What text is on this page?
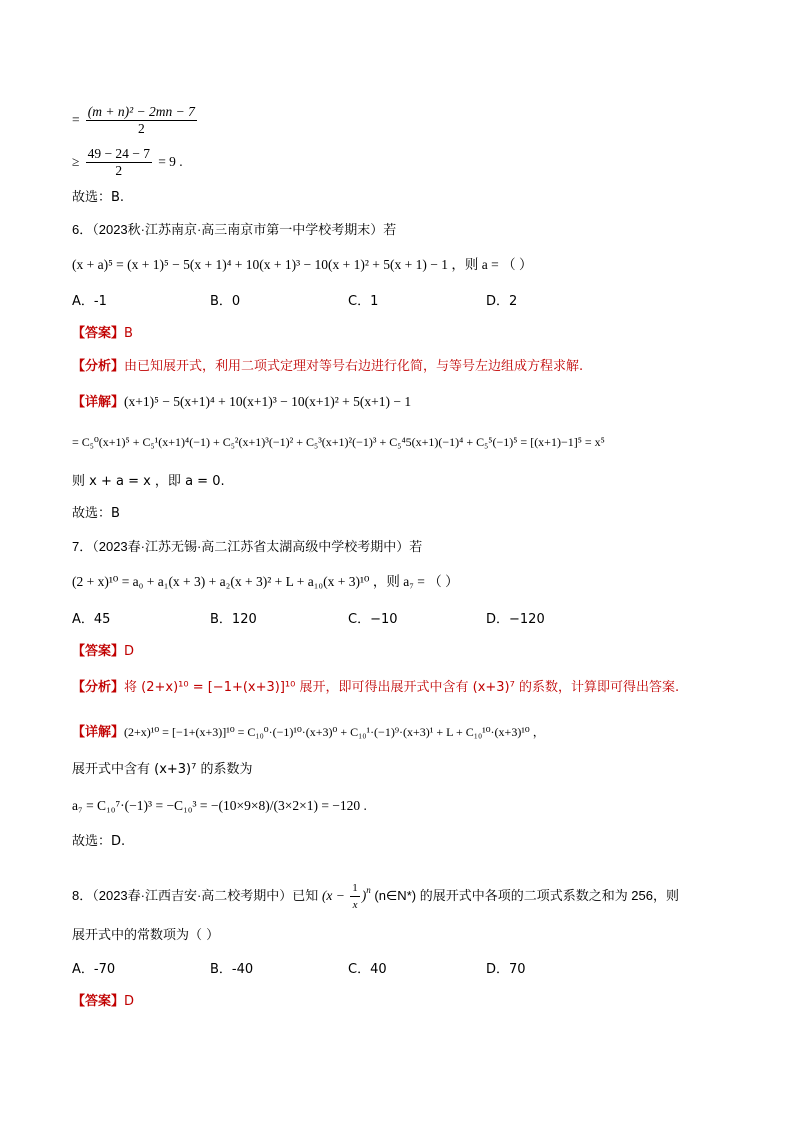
= $\frac{\text{(m + n)² − 2mn − 7}}{2}$
≥ $\frac{49 - 24 - 7}{2} = 9$ .
故选：B.
6．（2023秋·江苏南京·高三南京市第一中学校考期末）若
(x + a)⁵ = (x + 1)⁵ − 5(x + 1)⁴ + 10(x + 1)³ − 10(x + 1)² + 5(x + 1) − 1 ，则 a = （ ）
A．-1	B．0	C．1	D．2
【答案】B
【分析】由已知展开式，利用二项式定理对等号右边进行化简，与等号左边组成方程求解.
【详解】(x+1)⁵ − 5(x+1)⁴ + 10(x+1)³ − 10(x+1)² + 5(x+1) − 1
= C₅⁰(x+1)⁵ + C₅¹(x+1)⁴(−1) + C₅²(x+1)³(−1)² + C₅³(x+1)²(−1)³ + C₅⁴5(x+1)(−1)⁴ + C₅⁵(−1)⁵ = [(x+1)−1]⁵ = x⁵
则 x + a = x ，即 a = 0.
故选：B
7．（2023春·江苏无锡·高二江苏省太湖高级中学校考期中）若
(2 + x)¹⁰ = a₀ + a₁(x + 3) + a₂(x + 3)² + L + a₁₀(x + 3)¹⁰ ，则 a₇ = （ ）
A．45	B．120	C．−10	D．−120
【答案】D
【分析】将 (2+x)¹⁰ = [−1+(x+3)]¹⁰ 展开，即可得出展开式中含有 (x+3)⁷ 的系数，计算即可得出答案.
【详解】(2+x)¹⁰ = [−1+(x+3)]¹⁰ = C₁₀⁰·(−1)¹⁰·(x+3)⁰ + C₁₀¹·(−1)⁹·(x+3)¹ + L + C₁₀¹⁰·(x+3)¹⁰ ，
展开式中含有 (x+3)⁷ 的系数为
a₇ = C₁₀⁷·(−1)³ = −C₁₀³ = −(10×9×8)/(3×2×1) = −120 .
故选：D.
8．（2023春·江西吉安·高二校考期中）已知 $(x - \frac{1}{x} )^n$ (n∈N*) 的展开式中各项的二项式系数之和为 256，则
展开式中的常数项为（ ）
A．-70	B．-40	C．40	D．70
【答案】D
